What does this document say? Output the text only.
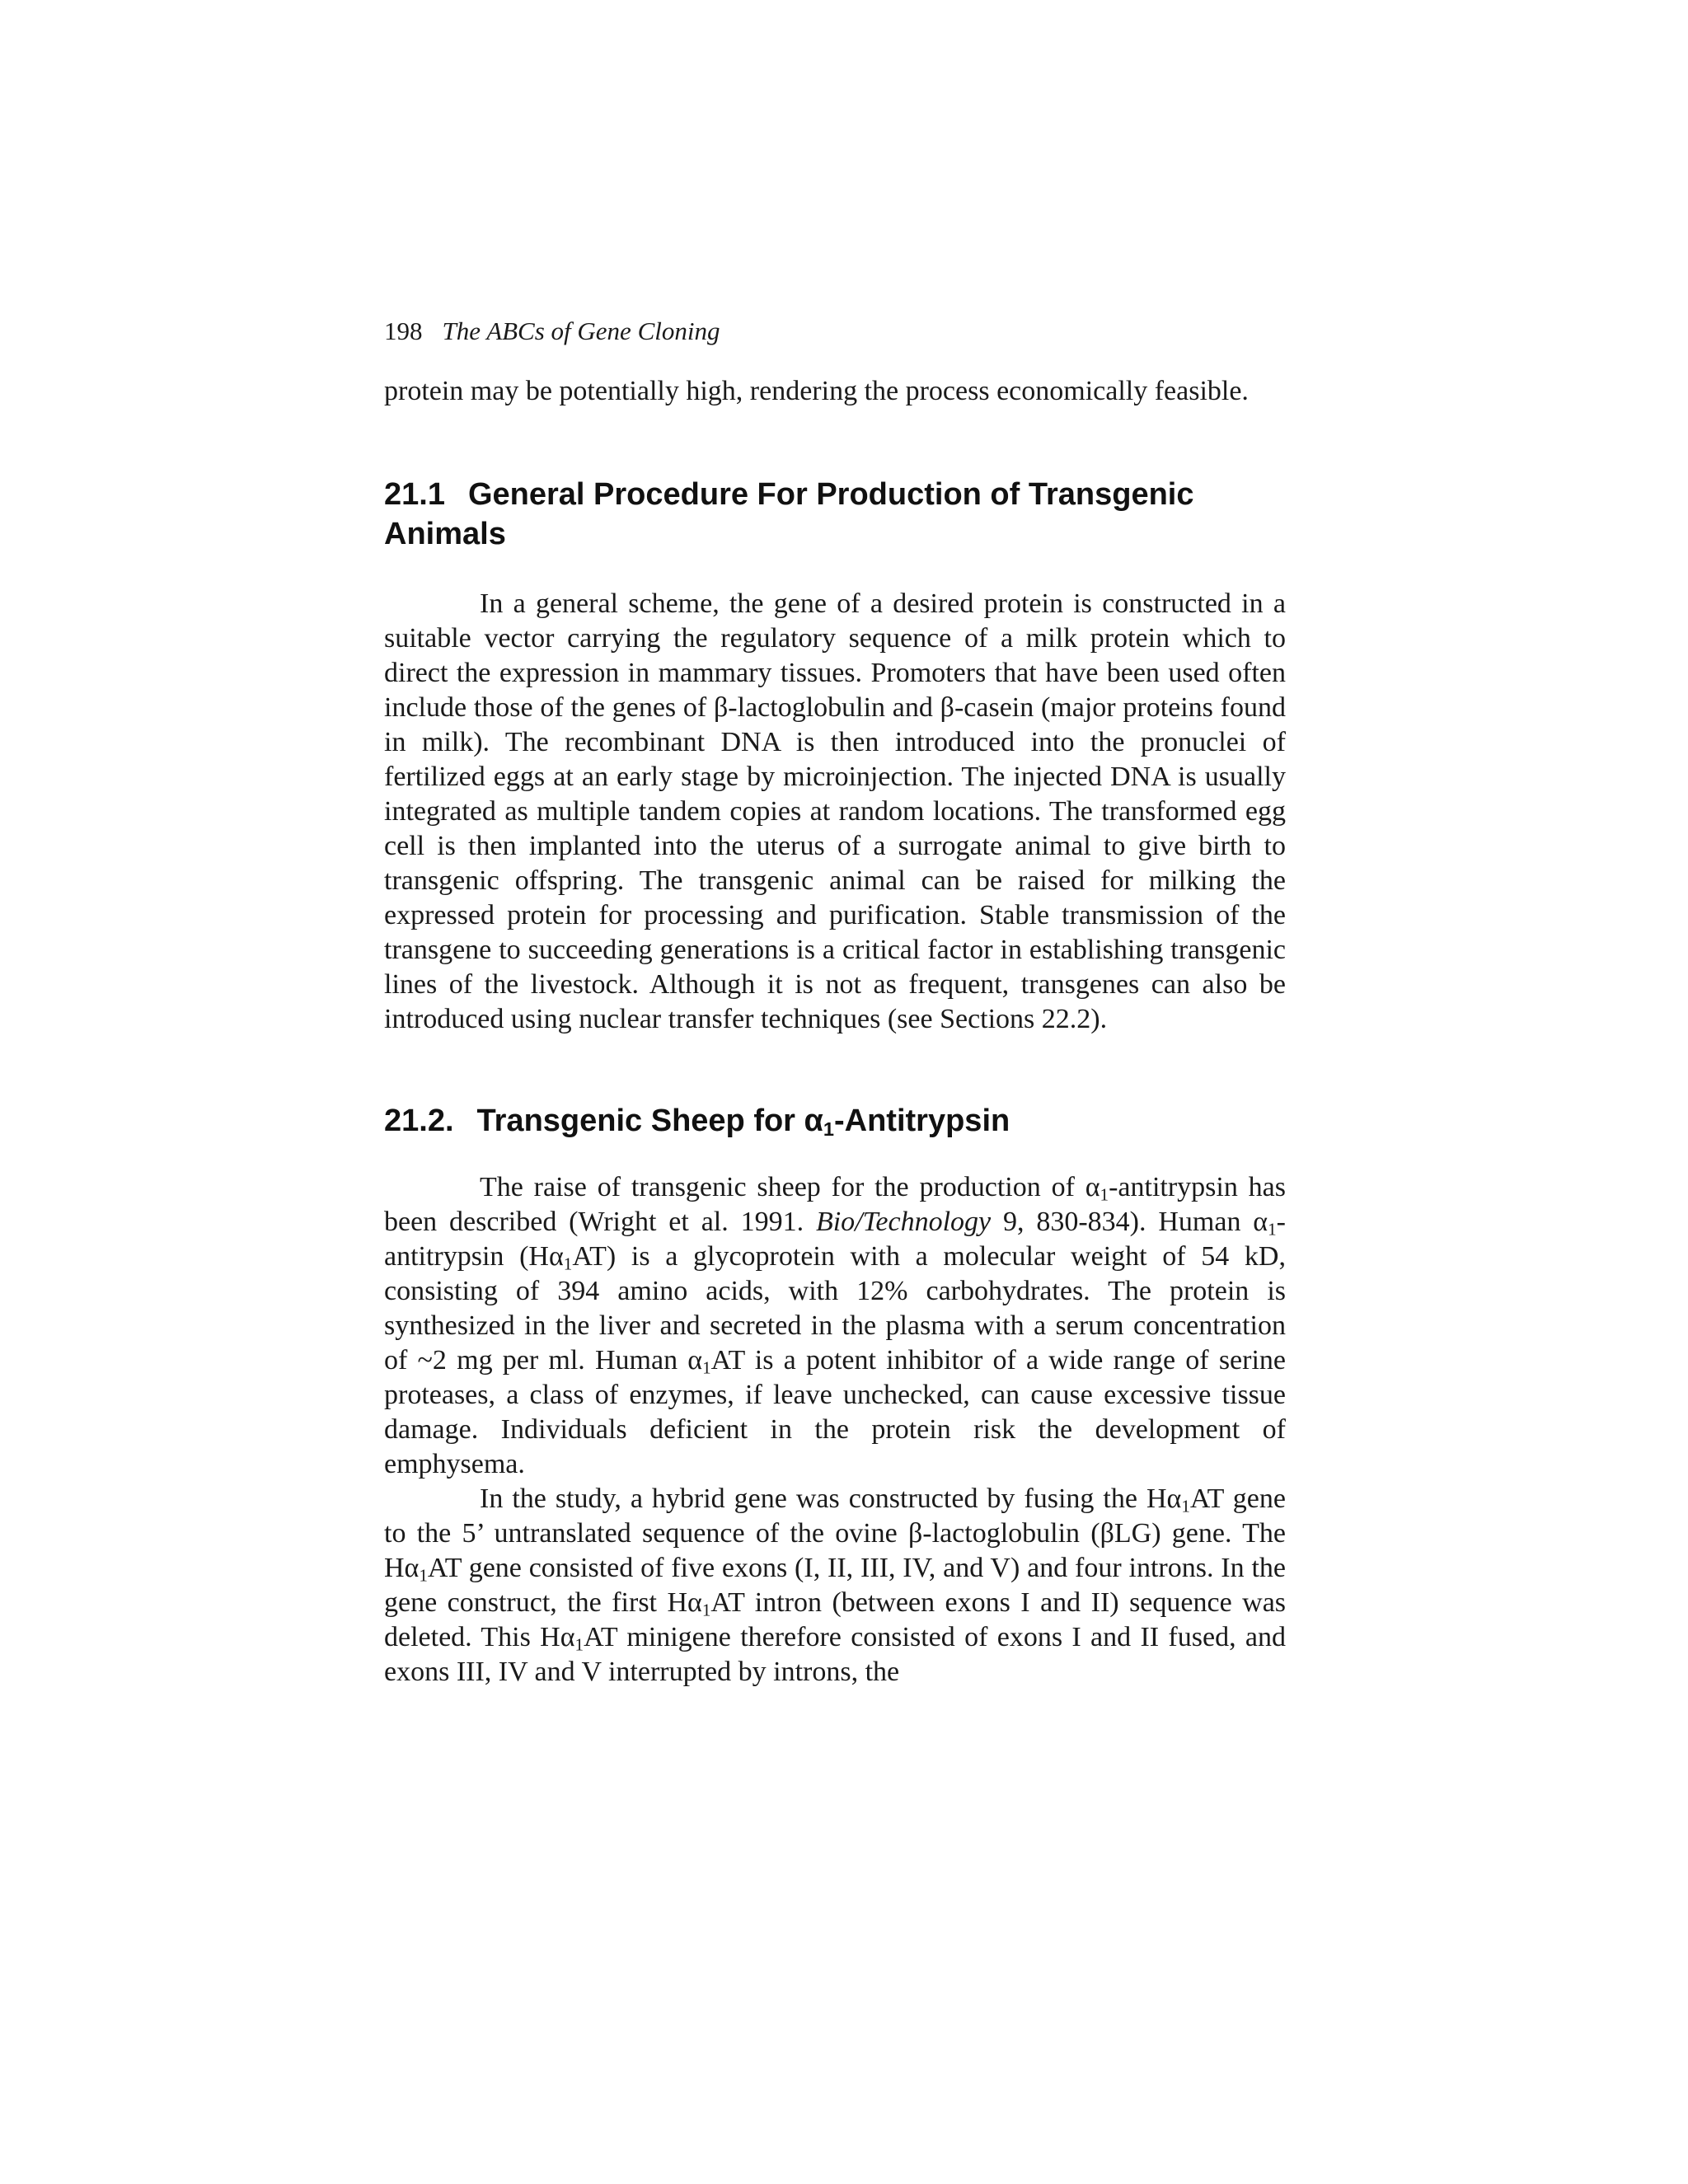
198 The ABCs of Gene Cloning

protein may be potentially high, rendering the process economically feasible.

21.1 General Procedure For Production of Transgenic Animals

In a general scheme, the gene of a desired protein is constructed in a suitable vector carrying the regulatory sequence of a milk protein which to direct the expression in mammary tissues. Promoters that have been used often include those of the genes of β-lactoglobulin and β-casein (major proteins found in milk). The recombinant DNA is then introduced into the pronuclei of fertilized eggs at an early stage by microinjection. The injected DNA is usually integrated as multiple tandem copies at random locations. The transformed egg cell is then implanted into the uterus of a surrogate animal to give birth to transgenic offspring. The transgenic animal can be raised for milking the expressed protein for processing and purification. Stable transmission of the transgene to succeeding generations is a critical factor in establishing transgenic lines of the livestock. Although it is not as frequent, transgenes can also be introduced using nuclear transfer techniques (see Sections 22.2).

21.2. Transgenic Sheep for $\alpha_1$-Antitrypsin

The raise of transgenic sheep for the production of $\alpha_1$-antitrypsin has been described (Wright et al. 1991. Bio/Technology 9, 830-834). Human $\alpha_1$-antitrypsin $(H\alpha_1AT)$ is a glycoprotein with a molecular weight of 54 kD, consisting of 394 amino acids, with 12% carbohydrates. The protein is synthesized in the liver and secreted in the plasma with a serum concentration of ~2 mg per ml. Human $\alpha_1AT$ is a potent inhibitor of a wide range of serine proteases, a class of enzymes, if leave unchecked, can cause excessive tissue damage. Individuals deficient in the protein risk the development of emphysema.

In the study, a hybrid gene was constructed by fusing the $H\alpha_1AT$ gene to the 5’ untranslated sequence of the ovine β-lactoglobulin (βLG) gene. The $H\alpha_1AT$ gene consisted of five exons (I, II, III, IV, and V) and four introns. In the gene construct, the first $H\alpha_1AT$ intron (between exons I and II) sequence was deleted. This $H\alpha_1AT$ minigene therefore consisted of exons I and II fused, and exons III, IV and V interrupted by introns, the
